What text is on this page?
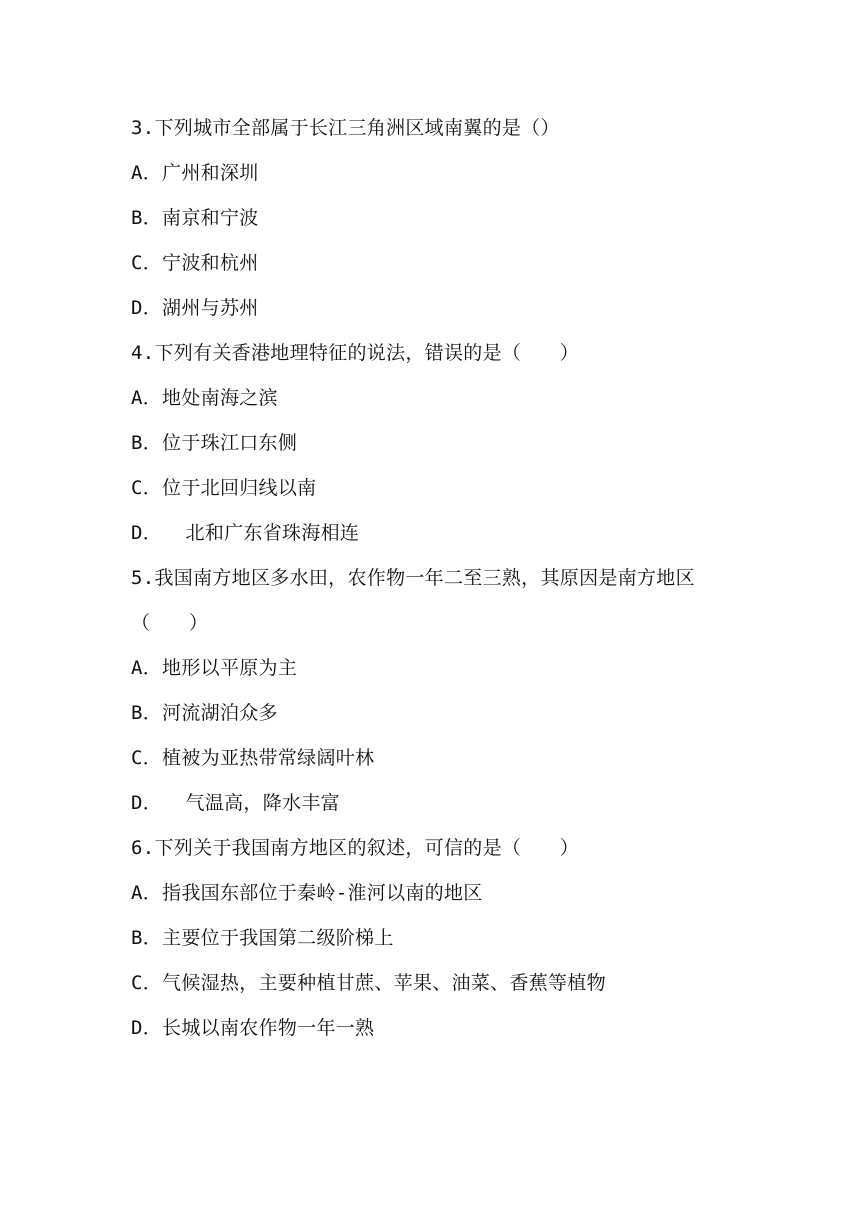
3.下列城市全部属于长江三角洲区域南翼的是（）
A．广州和深圳
B．南京和宁波
C．宁波和杭州
D．湖州与苏州
4.下列有关香港地理特征的说法，错误的是（　　）
A．地处南海之滨
B．位于珠江口东侧
C．位于北回归线以南
D．  北和广东省珠海相连
5.我国南方地区多水田，农作物一年二至三熟，其原因是南方地区
（　　）
A．地形以平原为主
B．河流湖泊众多
C．植被为亚热带常绿阔叶林
D．  气温高，降水丰富
6.下列关于我国南方地区的叙述，可信的是（　　）
A．指我国东部位于秦岭-淮河以南的地区
B．主要位于我国第二级阶梯上
C．气候湿热，主要种植甘蔗、苹果、油菜、香蕉等植物
D．长城以南农作物一年一熟
